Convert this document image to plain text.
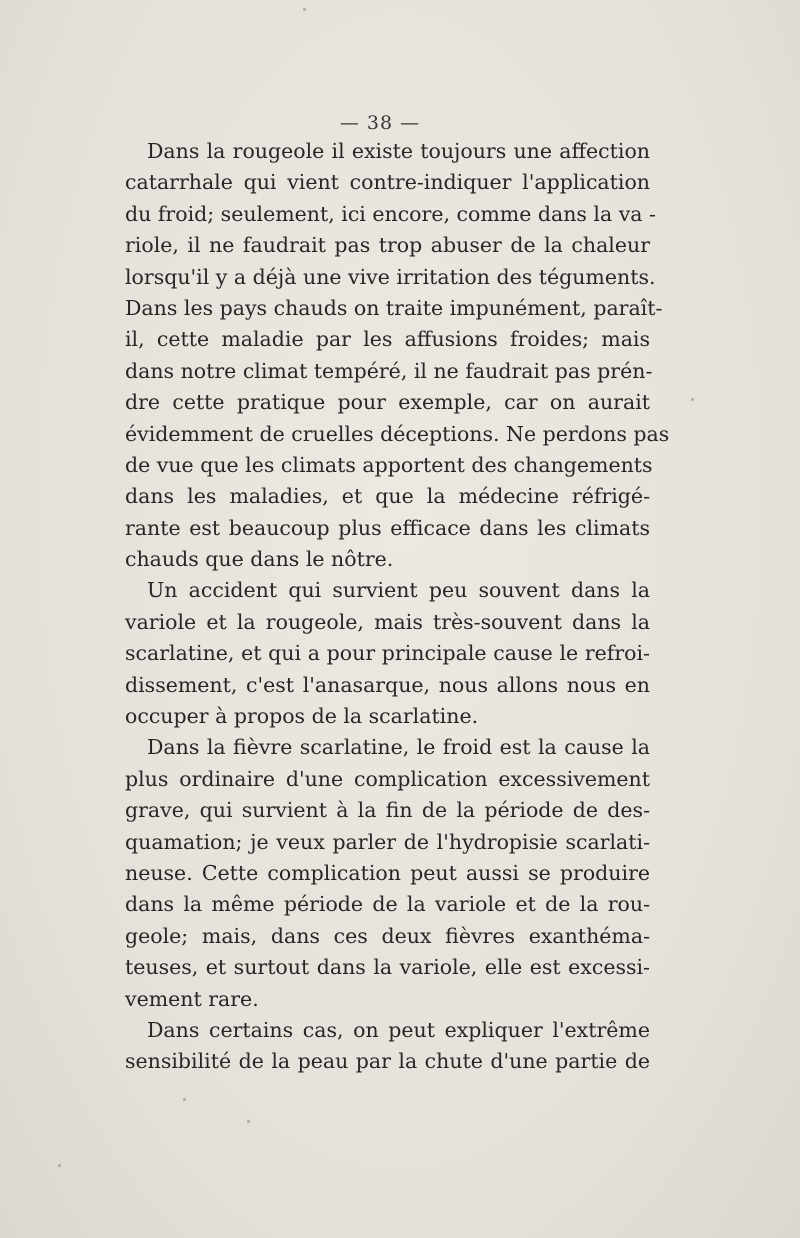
— 38 —
Dans la rougeole il existe toujours une affection
catarrhale qui vient contre-indiquer l'application
du froid; seulement, ici encore, comme dans la va -
riole, il ne faudrait pas trop abuser de la chaleur
lorsqu'il y a déjà une vive irritation des téguments.
Dans les pays chauds on traite impunément, paraît-
il, cette maladie par les affusions froides; mais
dans notre climat tempéré, il ne faudrait pas prén-
dre cette pratique pour exemple, car on aurait
évidemment de cruelles déceptions. Ne perdons pas
de vue que les climats apportent des changements
dans les maladies, et que la médecine réfrigé-
rante est beaucoup plus efficace dans les climats
chauds que dans le nôtre.
Un accident qui survient peu souvent dans la
variole et la rougeole, mais très-souvent dans la
scarlatine, et qui a pour principale cause le refroi-
dissement, c'est l'anasarque, nous allons nous en
occuper à propos de la scarlatine.
Dans la fièvre scarlatine, le froid est la cause la
plus ordinaire d'une complication excessivement
grave, qui survient à la fin de la période de des-
quamation; je veux parler de l'hydropisie scarlati-
neuse. Cette complication peut aussi se produire
dans la même période de la variole et de la rou-
geole; mais, dans ces deux fièvres exanthéma-
teuses, et surtout dans la variole, elle est excessi-
vement rare.
Dans certains cas, on peut expliquer l'extrême
sensibilité de la peau par la chute d'une partie de
